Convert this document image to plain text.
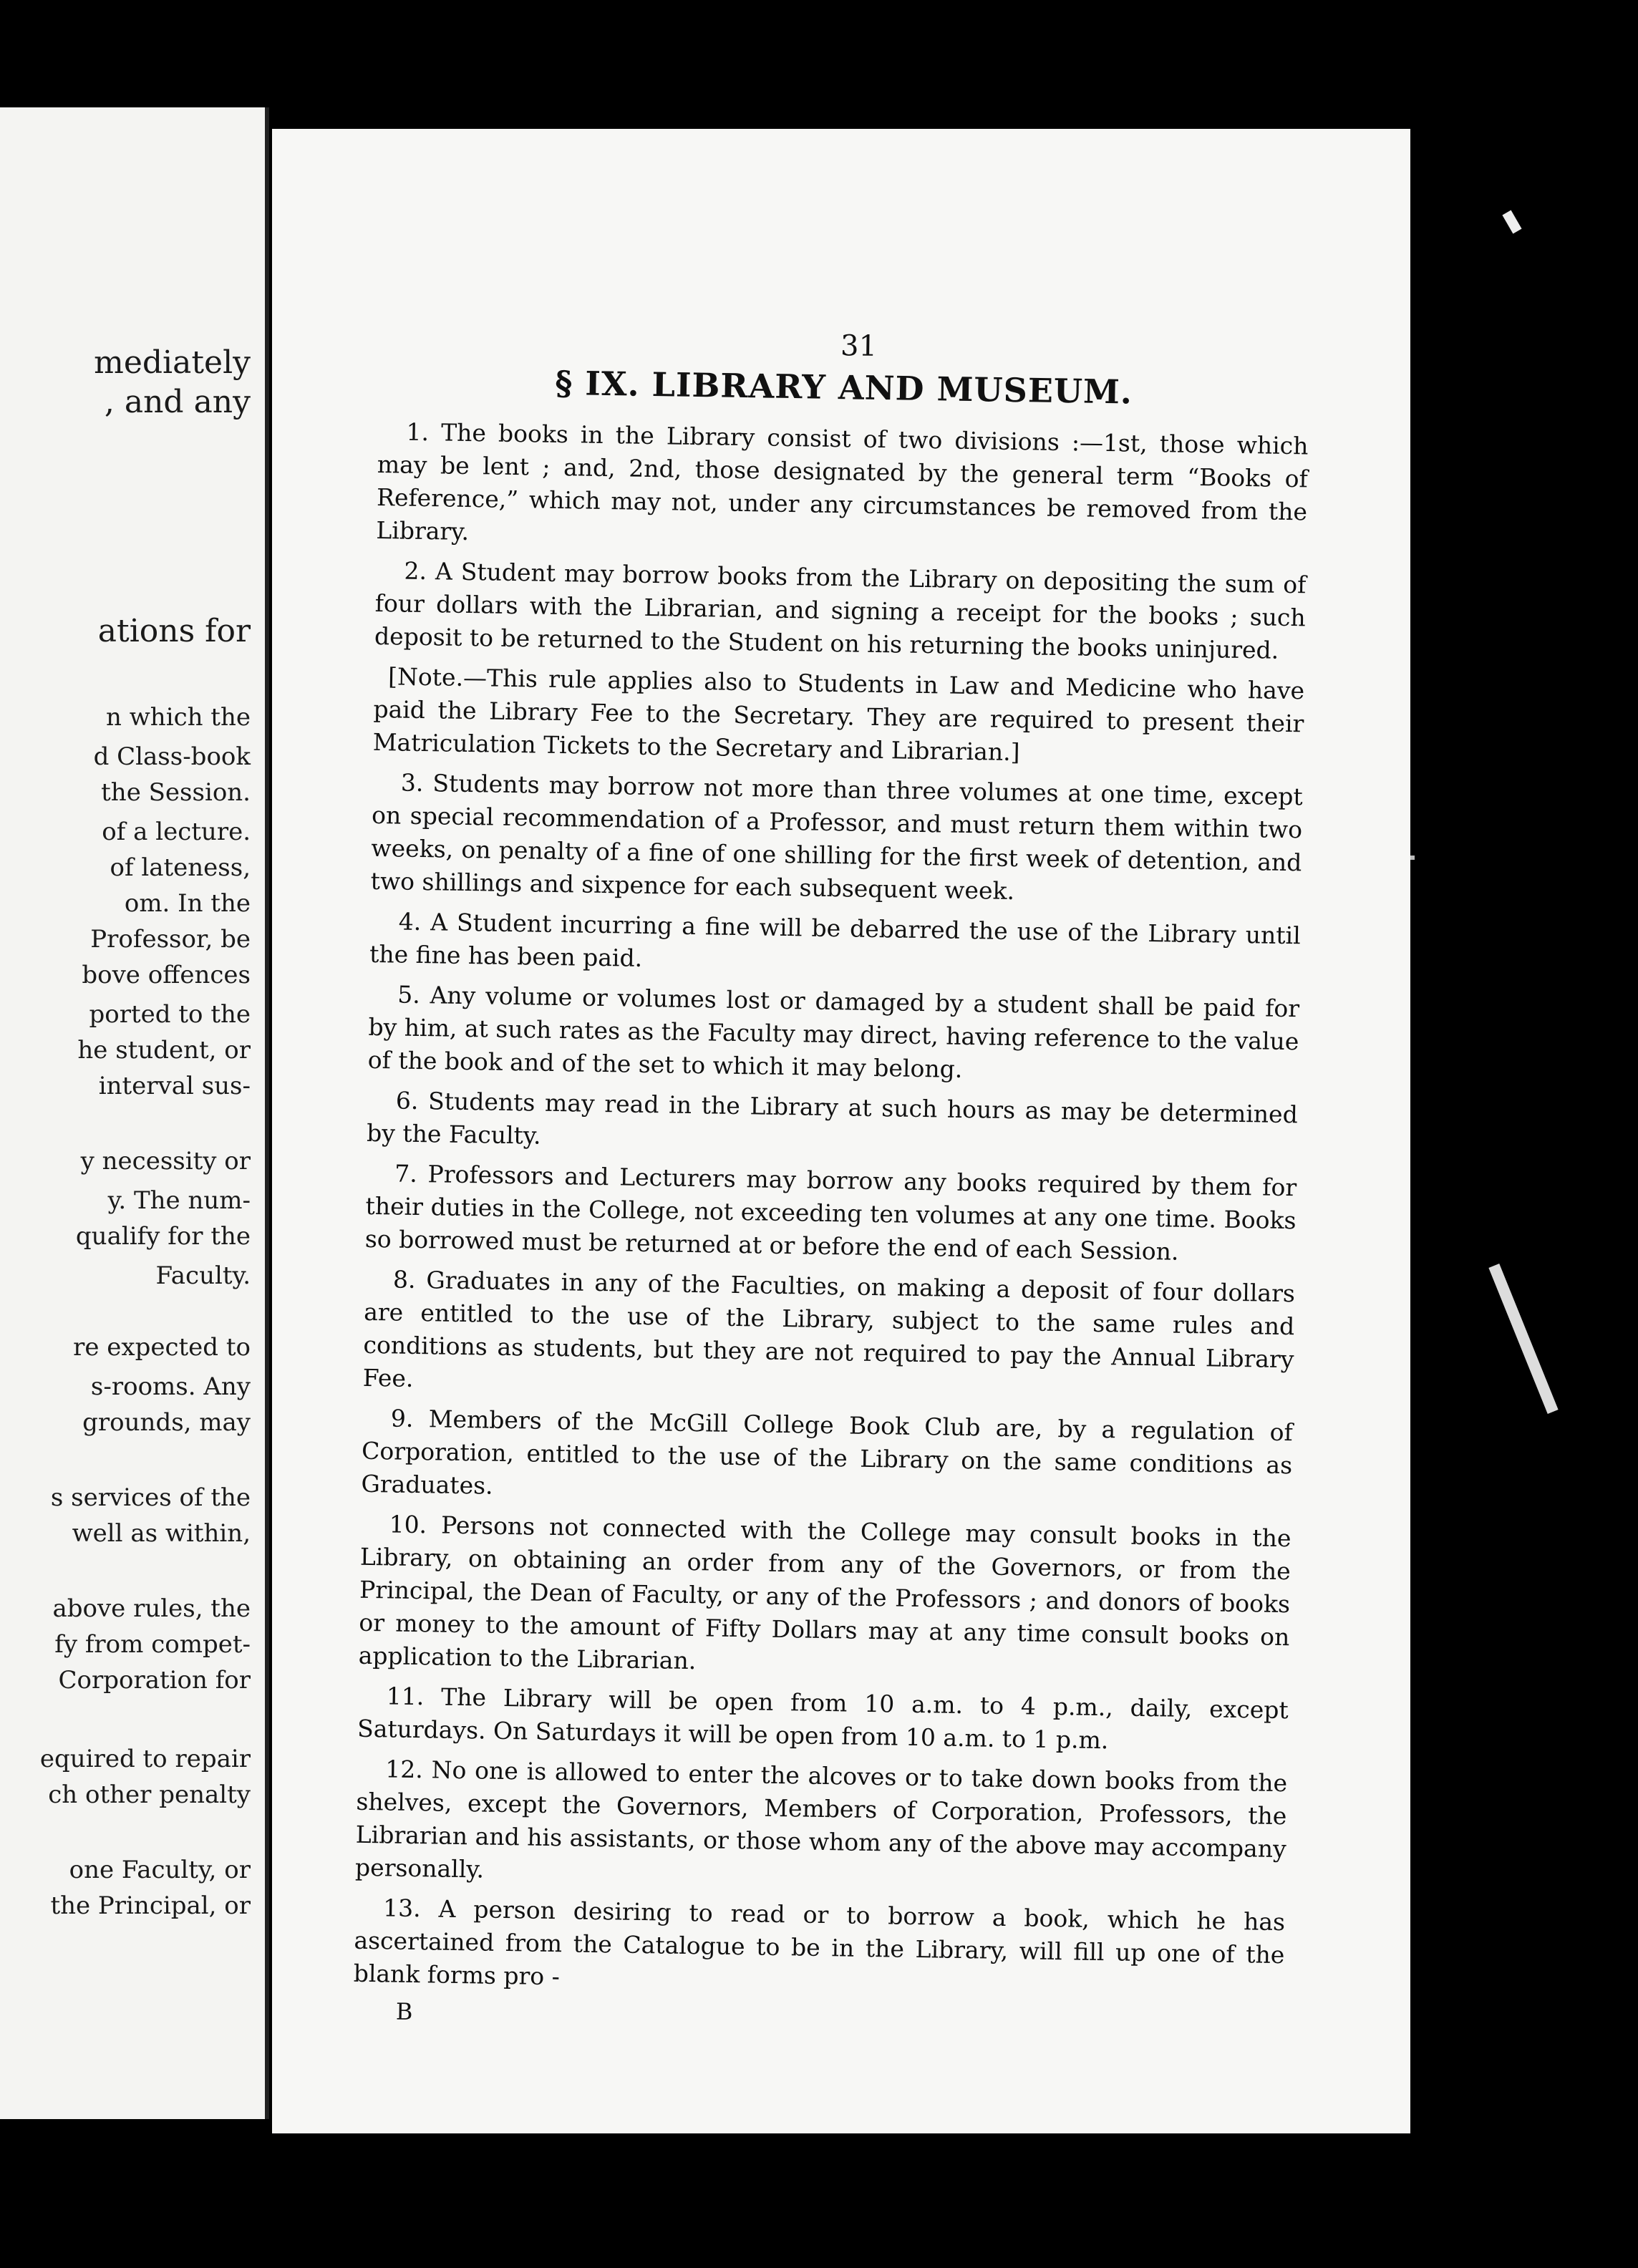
mediately
, and any
ations for
n which the
d Class-book
the Session.
of a lecture.
of lateness,
om. In the
Professor, be
bove offences
ported to the
he student, or
interval sus-
y necessity or
y. The num-
qualify for the
Faculty.
re expected to
s-rooms. Any
grounds, may
s services of the
well as within,
above rules, the
fy from compet-
Corporation for
equired to repair
ch other penalty
one Faculty, or
the Principal, or
31
§ IX. LIBRARY AND MUSEUM.
1. The books in the Library consist of two divisions :—1st, those which may be lent ; and, 2nd, those designated by the general term “Books of Reference,” which may not, under any circumstances be removed from the Library.
2. A Student may borrow books from the Library on depositing the sum of four dollars with the Librarian, and signing a receipt for the books ; such deposit to be returned to the Student on his returning the books uninjured.
[Note.—This rule applies also to Students in Law and Medicine who have paid the Library Fee to the Secretary. They are required to present their Matriculation Tickets to the Secretary and Librarian.]
3. Students may borrow not more than three volumes at one time, except on special recommendation of a Professor, and must return them within two weeks, on penalty of a fine of one shilling for the first week of detention, and two shillings and sixpence for each subsequent week.
4. A Student incurring a fine will be debarred the use of the Library until the fine has been paid.
5. Any volume or volumes lost or damaged by a student shall be paid for by him, at such rates as the Faculty may direct, having reference to the value of the book and of the set to which it may belong.
6. Students may read in the Library at such hours as may be determined by the Faculty.
7. Professors and Lecturers may borrow any books required by them for their duties in the College, not exceeding ten volumes at any one time. Books so borrowed must be returned at or before the end of each Session.
8. Graduates in any of the Faculties, on making a deposit of four dollars are entitled to the use of the Library, subject to the same rules and conditions as students, but they are not required to pay the Annual Library Fee.
9. Members of the McGill College Book Club are, by a regulation of Corporation, entitled to the use of the Library on the same conditions as Graduates.
10. Persons not connected with the College may consult books in the Library, on obtaining an order from any of the Governors, or from the Principal, the Dean of Faculty, or any of the Professors ; and donors of books or money to the amount of Fifty Dollars may at any time consult books on application to the Librarian.
11. The Library will be open from 10 a.m. to 4 p.m., daily, except Saturdays. On Saturdays it will be open from 10 a.m. to 1 p.m.
12. No one is allowed to enter the alcoves or to take down books from the shelves, except the Governors, Members of Corporation, Professors, the Librarian and his assistants, or those whom any of the above may accompany personally.
13. A person desiring to read or to borrow a book, which he has ascertained from the Catalogue to be in the Library, will fill up one of the blank forms pro -
B
